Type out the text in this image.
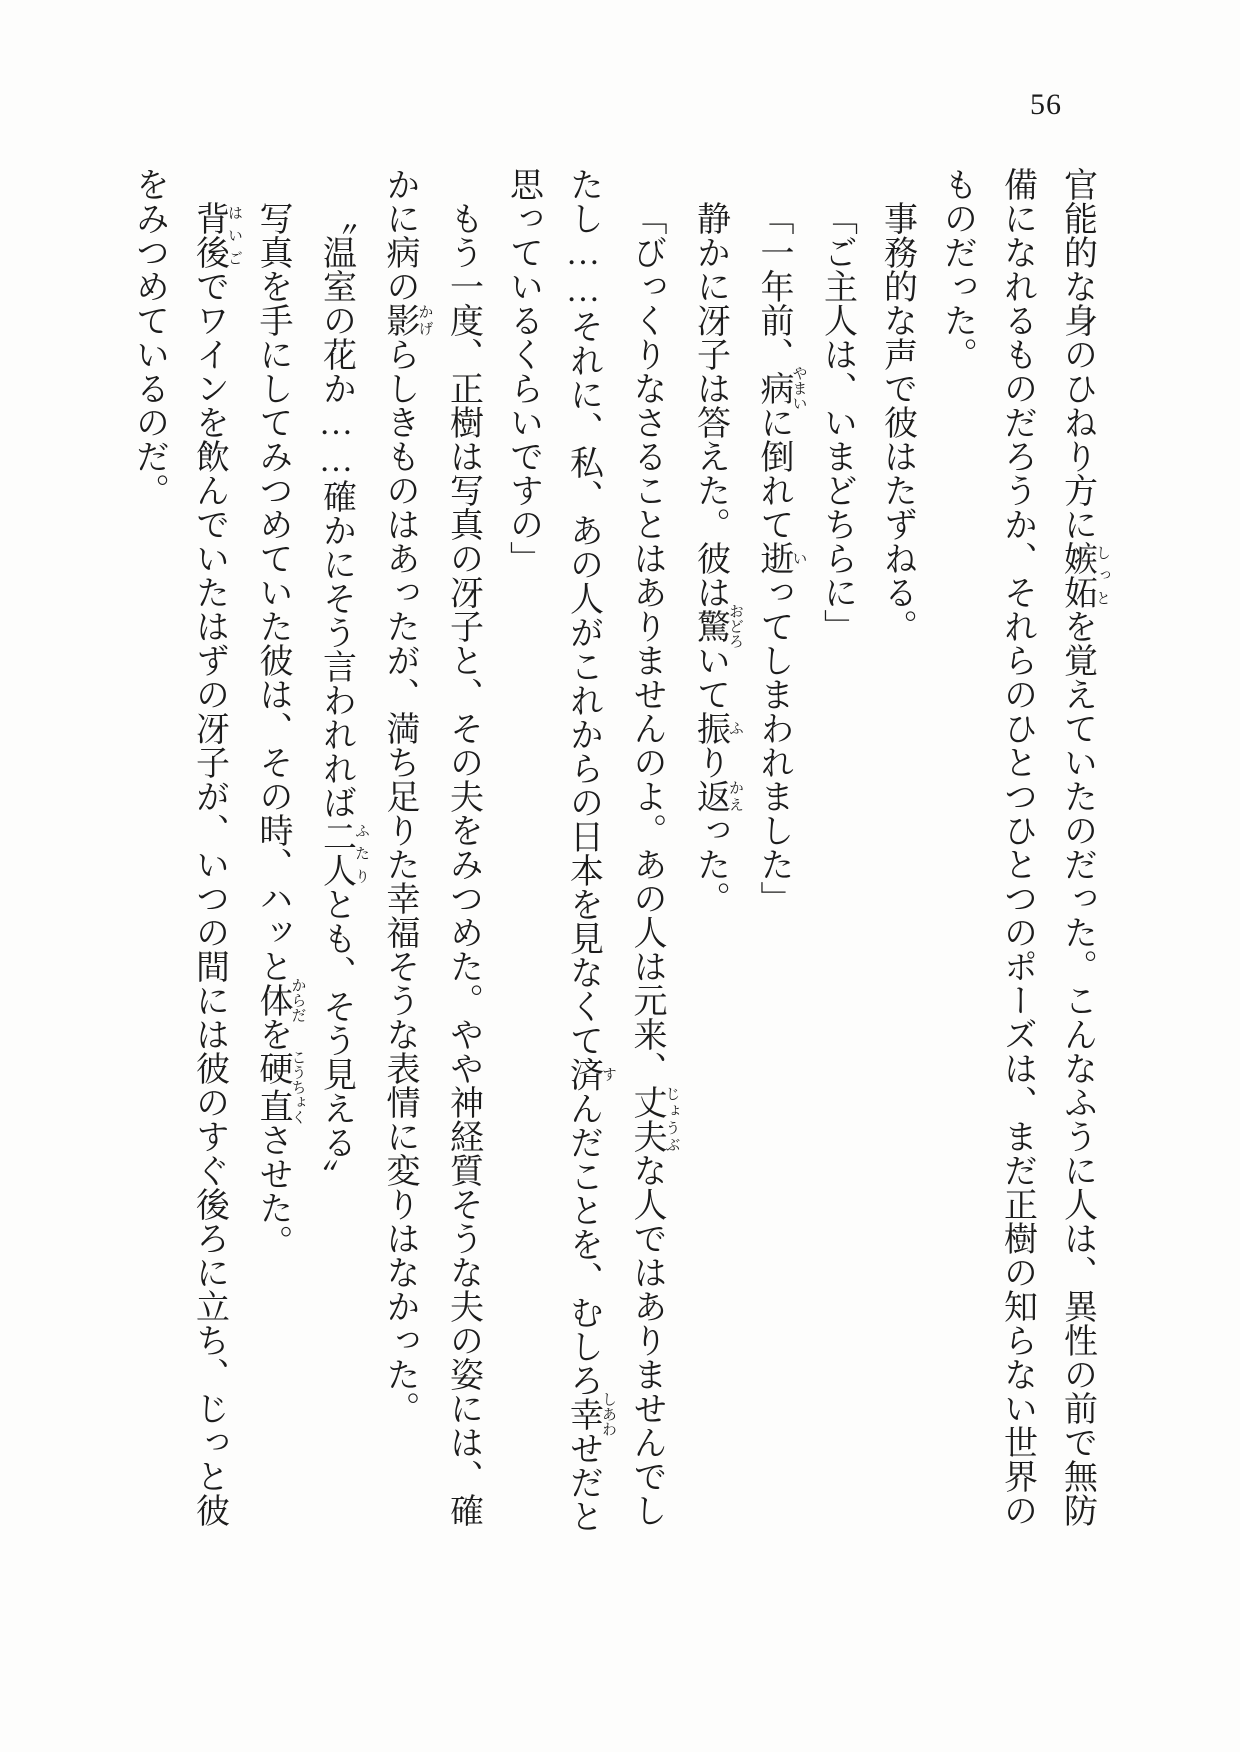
56
官能的な身のひねり方に嫉妬しっとを覚えていたのだった。こんなふうに人は、異性の前で無防
備になれるものだろうか、それらのひとつひとつのポーズは、まだ正樹の知らない世界の
ものだった。
事務的な声で彼はたずねる。
「ご主人は、いまどちらに」
「一年前、病やまいに倒れて逝いってしまわれました」
静かに冴子は答えた。彼は驚おどろいて振ふり返かえった。
「びっくりなさることはありませんのよ。あの人は元来、丈夫じょうぶな人ではありませんでし
たし……それに、私、あの人がこれからの日本を見なくて済すんだことを、むしろ幸しあわせだと
思っているくらいですの」
もう一度、正樹は写真の冴子と、その夫をみつめた。やや神経質そうな夫の姿には、確
かに病の影かげらしきものはあったが、満ち足りた幸福そうな表情に変りはなかった。
〝温室の花か……確かにそう言われれば二人ふたりとも、そう見える〟
写真を手にしてみつめていた彼は、その時、ハッと体からだを硬直こうちょくさせた。
背後はいごでワインを飲んでいたはずの冴子が、いつの間には彼のすぐ後ろに立ち、じっと彼
をみつめているのだ。
